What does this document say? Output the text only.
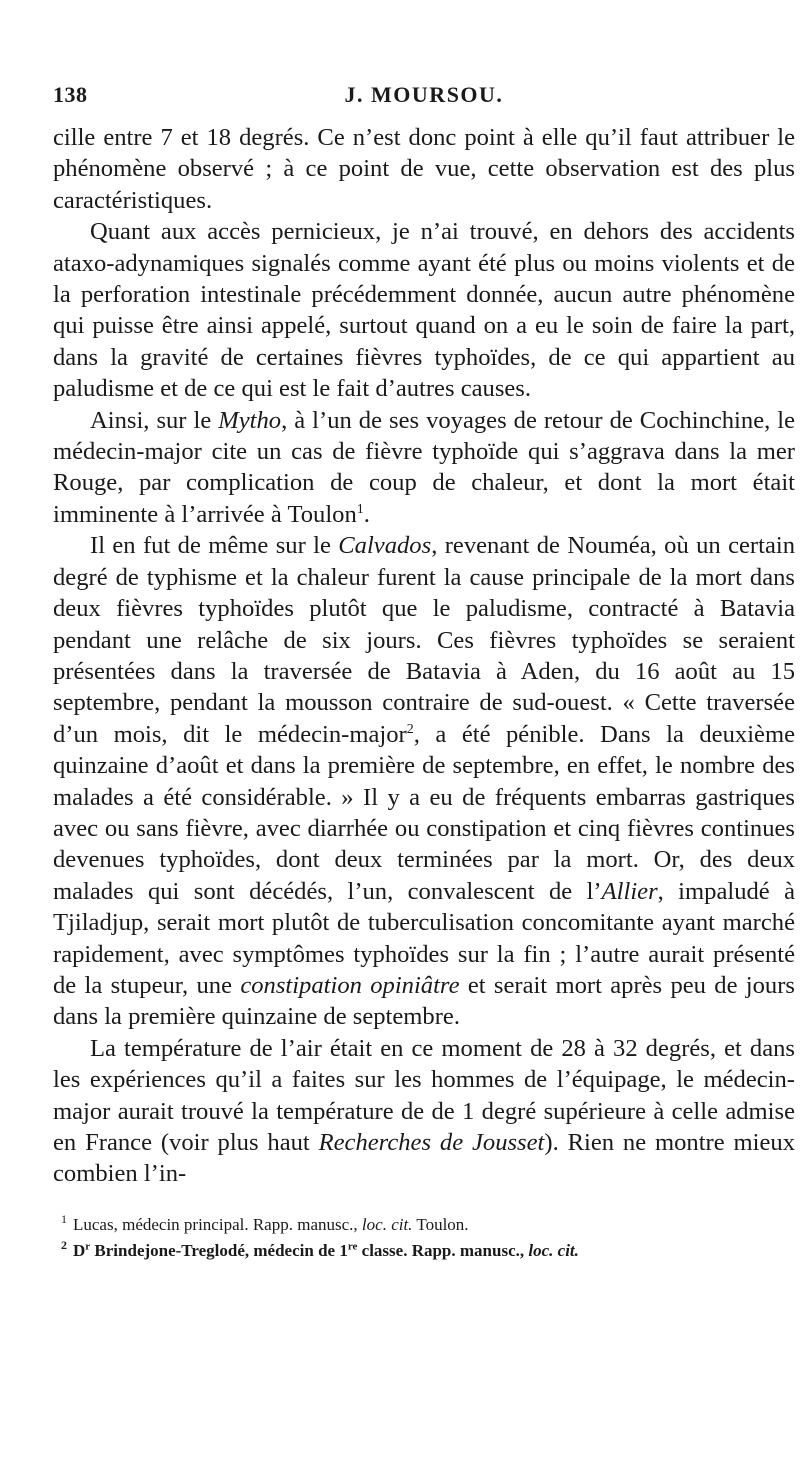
138	J. MOURSOU.

cille entre 7 et 18 degrés. Ce n’est donc point à elle qu’il faut attribuer le phénomène observé ; à ce point de vue, cette observation est des plus caractéristiques.

Quant aux accès pernicieux, je n’ai trouvé, en dehors des accidents ataxo-adynamiques signalés comme ayant été plus ou moins violents et de la perforation intestinale précédemment donnée, aucun autre phénomène qui puisse être ainsi appelé, surtout quand on a eu le soin de faire la part, dans la gravité de certaines fièvres typhoïdes, de ce qui appartient au paludisme et de ce qui est le fait d’autres causes.

Ainsi, sur le Mytho, à l’un de ses voyages de retour de Cochinchine, le médecin-major cite un cas de fièvre typhoïde qui s’aggrava dans la mer Rouge, par complication de coup de chaleur, et dont la mort était imminente à l’arrivée à Toulon$^1$.

Il en fut de même sur le Calvados, revenant de Nouméa, où un certain degré de typhisme et la chaleur furent la cause principale de la mort dans deux fièvres typhoïdes plutôt que le paludisme, contracté à Batavia pendant une relâche de six jours. Ces fièvres typhoïdes se seraient présentées dans la traversée de Batavia à Aden, du 16 août au 15 septembre, pendant la mousson contraire de sud-ouest. « Cette traversée d’un mois, dit le médecin-major$^2$, a été pénible. Dans la deuxième quinzaine d’août et dans la première de septembre, en effet, le nombre des malades a été considérable. » Il y a eu de fréquents embarras gastriques avec ou sans fièvre, avec diarrhée ou constipation et cinq fièvres continues devenues typhoïdes, dont deux terminées par la mort. Or, des deux malades qui sont décédés, l’un, convalescent de l’Allier, impaludé à Tjiladjup, serait mort plutôt de tuberculisation concomitante ayant marché rapidement, avec symptômes typhoïdes sur la fin ; l’autre aurait présenté de la stupeur, une constipation opiniâtre et serait mort après peu de jours dans la première quinzaine de septembre.

La température de l’air était en ce moment de 28 à 32 degrés, et dans les expériences qu’il a faites sur les hommes de l’équipage, le médecin-major aurait trouvé la température de de 1 degré supérieure à celle admise en France (voir plus haut Recherches de Jousset). Rien ne montre mieux combien l’in-

$^1$ Lucas, médecin principal. Rapp. manusc., loc. cit. Toulon.
$^2$ $D^r$ Brindejone-Treglodé, médecin de 1re classe. Rapp. manusc., loc. cit.
